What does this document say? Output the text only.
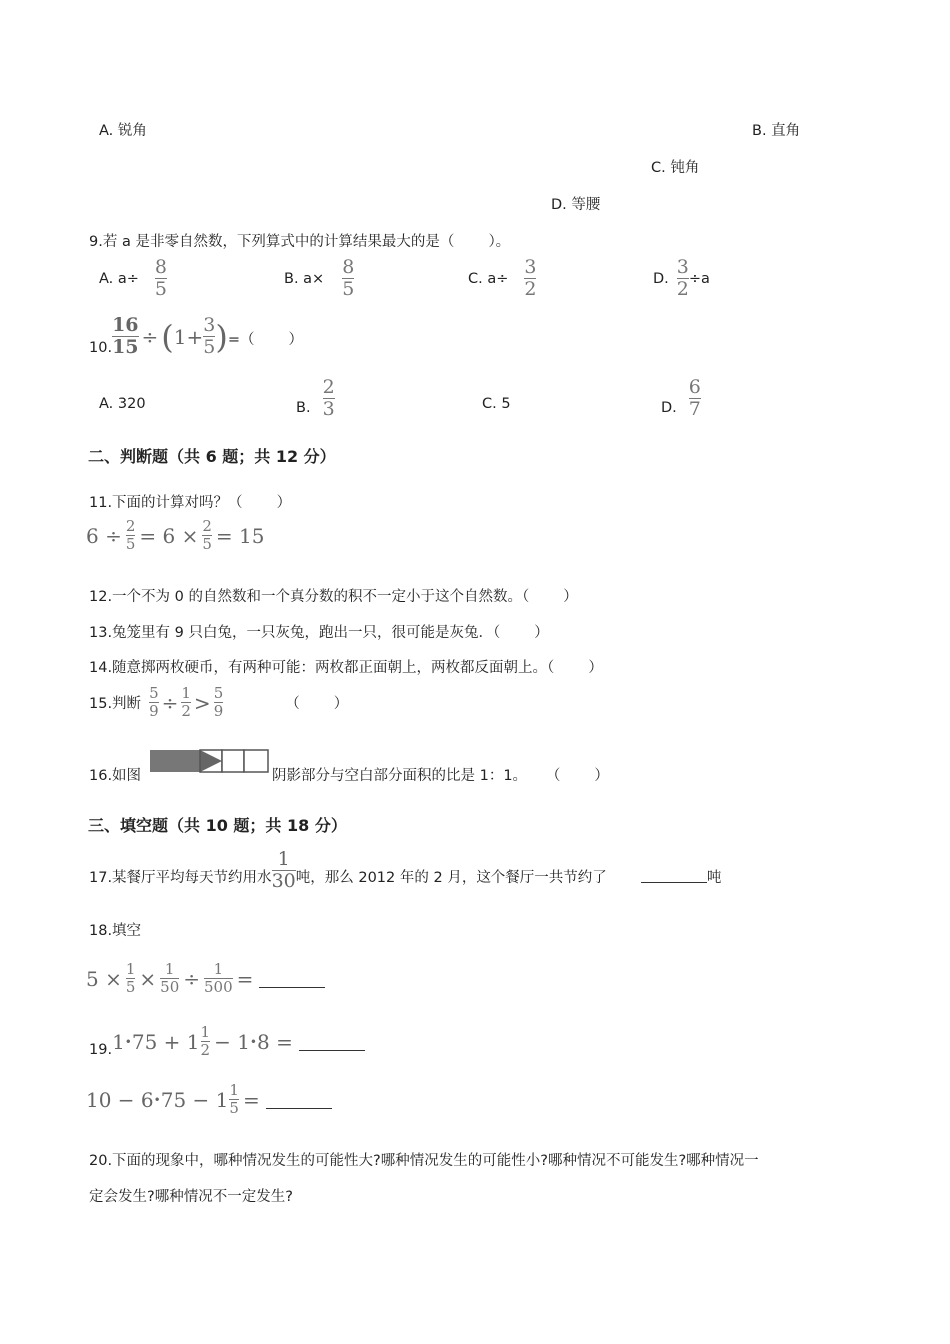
A. 锐角	B. 直角
C. 钝角
D. 等腰
9.若 a 是非零自然数，下列算式中的计算结果最大的是（ ）。
A. $a\div \frac{8}{5}$	B. $a\times \frac{8}{5}$	C. $a\div \frac{3}{2}$	D. $\frac{3}{2} \div a$
10. $\frac{16}{15}$ ÷ ( $1+ \frac{3}{5}$ ) =（ ）
A. 320	B. $\frac{2}{3}$	C. 5	D. $\frac{6}{7}$
二、判断题（共 6 题；共 12 分）
11.下面的计算对吗？（ ）
$6 \div \frac{2}{5} = 6 \times \frac{2}{5} = 15$
12.一个不为 0 的自然数和一个真分数的积不一定小于这个自然数。（ ）
13.兔笼里有 9 只白兔，一只灰兔，跑出一只，很可能是灰兔．（ ）
14.随意掷两枚硬币，有两种可能：两枚都正面朝上，两枚都反面朝上。（ ）
15.判断 $\frac{5}{9} \div \frac{1}{2} > \frac{5}{9}$	（ ）
16.如图	阴影部分与空白部分面积的比是 1：1。 （ ）
三、填空题（共 10 题；共 18 分）
17.某餐厅平均每天节约用水 $\frac{1}{30}$ 吨，那么 2012 年的 2 月，这个餐厅一共节约了	吨
18.填空
$5 \times \frac{1}{5} \times \frac{1}{50} \div \frac{1}{500}$ =
19. 1 • $75 + 1 \frac{1}{2} - 1$ • 8 =
10 − 6 • $75 - 1 \frac{1}{5}$ =
20.下面的现象中，哪种情况发生的可能性大?哪种情况发生的可能性小?哪种情况不可能发生?哪种情况一
定会发生?哪种情况不一定发生?
